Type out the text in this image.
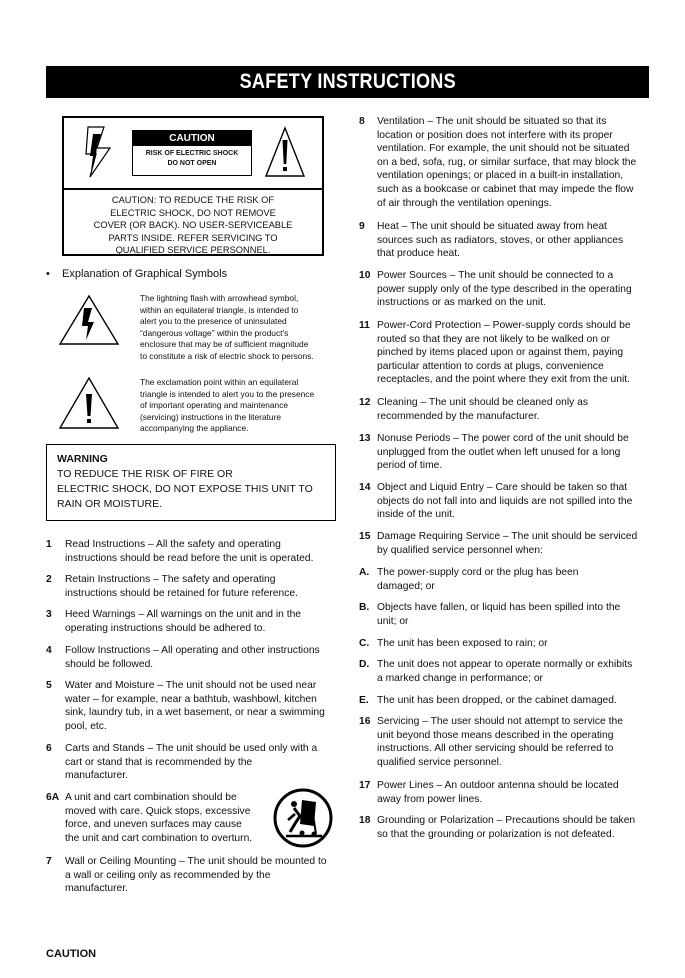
SAFETY INSTRUCTIONS
CAUTION
RISK OF ELECTRIC SHOCK
DO NOT OPEN
CAUTION: TO REDUCE THE RISK OF
ELECTRIC SHOCK, DO NOT REMOVE
COVER (OR BACK). NO USER-SERVICEABLE
PARTS INSIDE. REFER SERVICING TO
QUALIFIED SERVICE PERSONNEL.
• Explanation of Graphical Symbols
The lightning flash with arrowhead symbol,
within an equilateral triangle, is intended to
alert you to the presence of uninsulated
“dangerous voltage” within the product’s
enclosure that may be of sufficient magnitude
to constitute a risk of electric shock to persons.
The exclamation point within an equilateral
triangle is intended to alert you to the presence
of important operating and maintenance
(servicing) instructions in the literature
accompanying the appliance.
WARNING
TO REDUCE THE RISK OF FIRE OR
ELECTRIC SHOCK, DO NOT EXPOSE THIS UNIT TO
RAIN OR MOISTURE.
1 Read Instructions – All the safety and operating
instructions should be read before the unit is operated.
2 Retain Instructions – The safety and operating
instructions should be retained for future reference.
3 Heed Warnings – All warnings on the unit and in the
operating instructions should be adhered to.
4 Follow Instructions – All operating and other instructions
should be followed.
5 Water and Moisture – The unit should not be used near
water – for example, near a bathtub, washbowl, kitchen
sink, laundry tub, in a wet basement, or near a swimming
pool, etc.
6 Carts and Stands – The unit should be used only with a
cart or stand that is recommended by the
manufacturer.
6A A unit and cart combination should be
moved with care. Quick stops, excessive
force, and uneven surfaces may cause
the unit and cart combination to overturn.
7 Wall or Ceiling Mounting – The unit should be mounted to
a wall or ceiling only as recommended by the
manufacturer.
8 Ventilation – The unit should be situated so that its
location or position does not interfere with its proper
ventilation. For example, the unit should not be situated
on a bed, sofa, rug, or similar surface, that may block the
ventilation openings; or placed in a built-in installation,
such as a bookcase or cabinet that may impede the flow
of air through the ventilation openings.
9 Heat – The unit should be situated away from heat
sources such as radiators, stoves, or other appliances
that produce heat.
10 Power Sources – The unit should be connected to a
power supply only of the type described in the operating
instructions or as marked on the unit.
11 Power-Cord Protection – Power-supply cords should be
routed so that they are not likely to be walked on or
pinched by items placed upon or against them, paying
particular attention to cords at plugs, convenience
receptacles, and the point where they exit from the unit.
12 Cleaning – The unit should be cleaned only as
recommended by the manufacturer.
13 Nonuse Periods – The power cord of the unit should be
unplugged from the outlet when left unused for a long
period of time.
14 Object and Liquid Entry – Care should be taken so that
objects do not fall into and liquids are not spilled into the
inside of the unit.
15 Damage Requiring Service – The unit should be serviced
by qualified service personnel when:
A. The power-supply cord or the plug has been
damaged; or
B. Objects have fallen, or liquid has been spilled into the
unit; or
C. The unit has been exposed to rain; or
D. The unit does not appear to operate normally or exhibits
a marked change in performance; or
E. The unit has been dropped, or the cabinet damaged.
16 Servicing – The user should not attempt to service the
unit beyond those means described in the operating
instructions. All other servicing should be referred to
qualified service personnel.
17 Power Lines – An outdoor antenna should be located
away from power lines.
18 Grounding or Polarization – Precautions should be taken
so that the grounding or polarization is not defeated.
CAUTION
